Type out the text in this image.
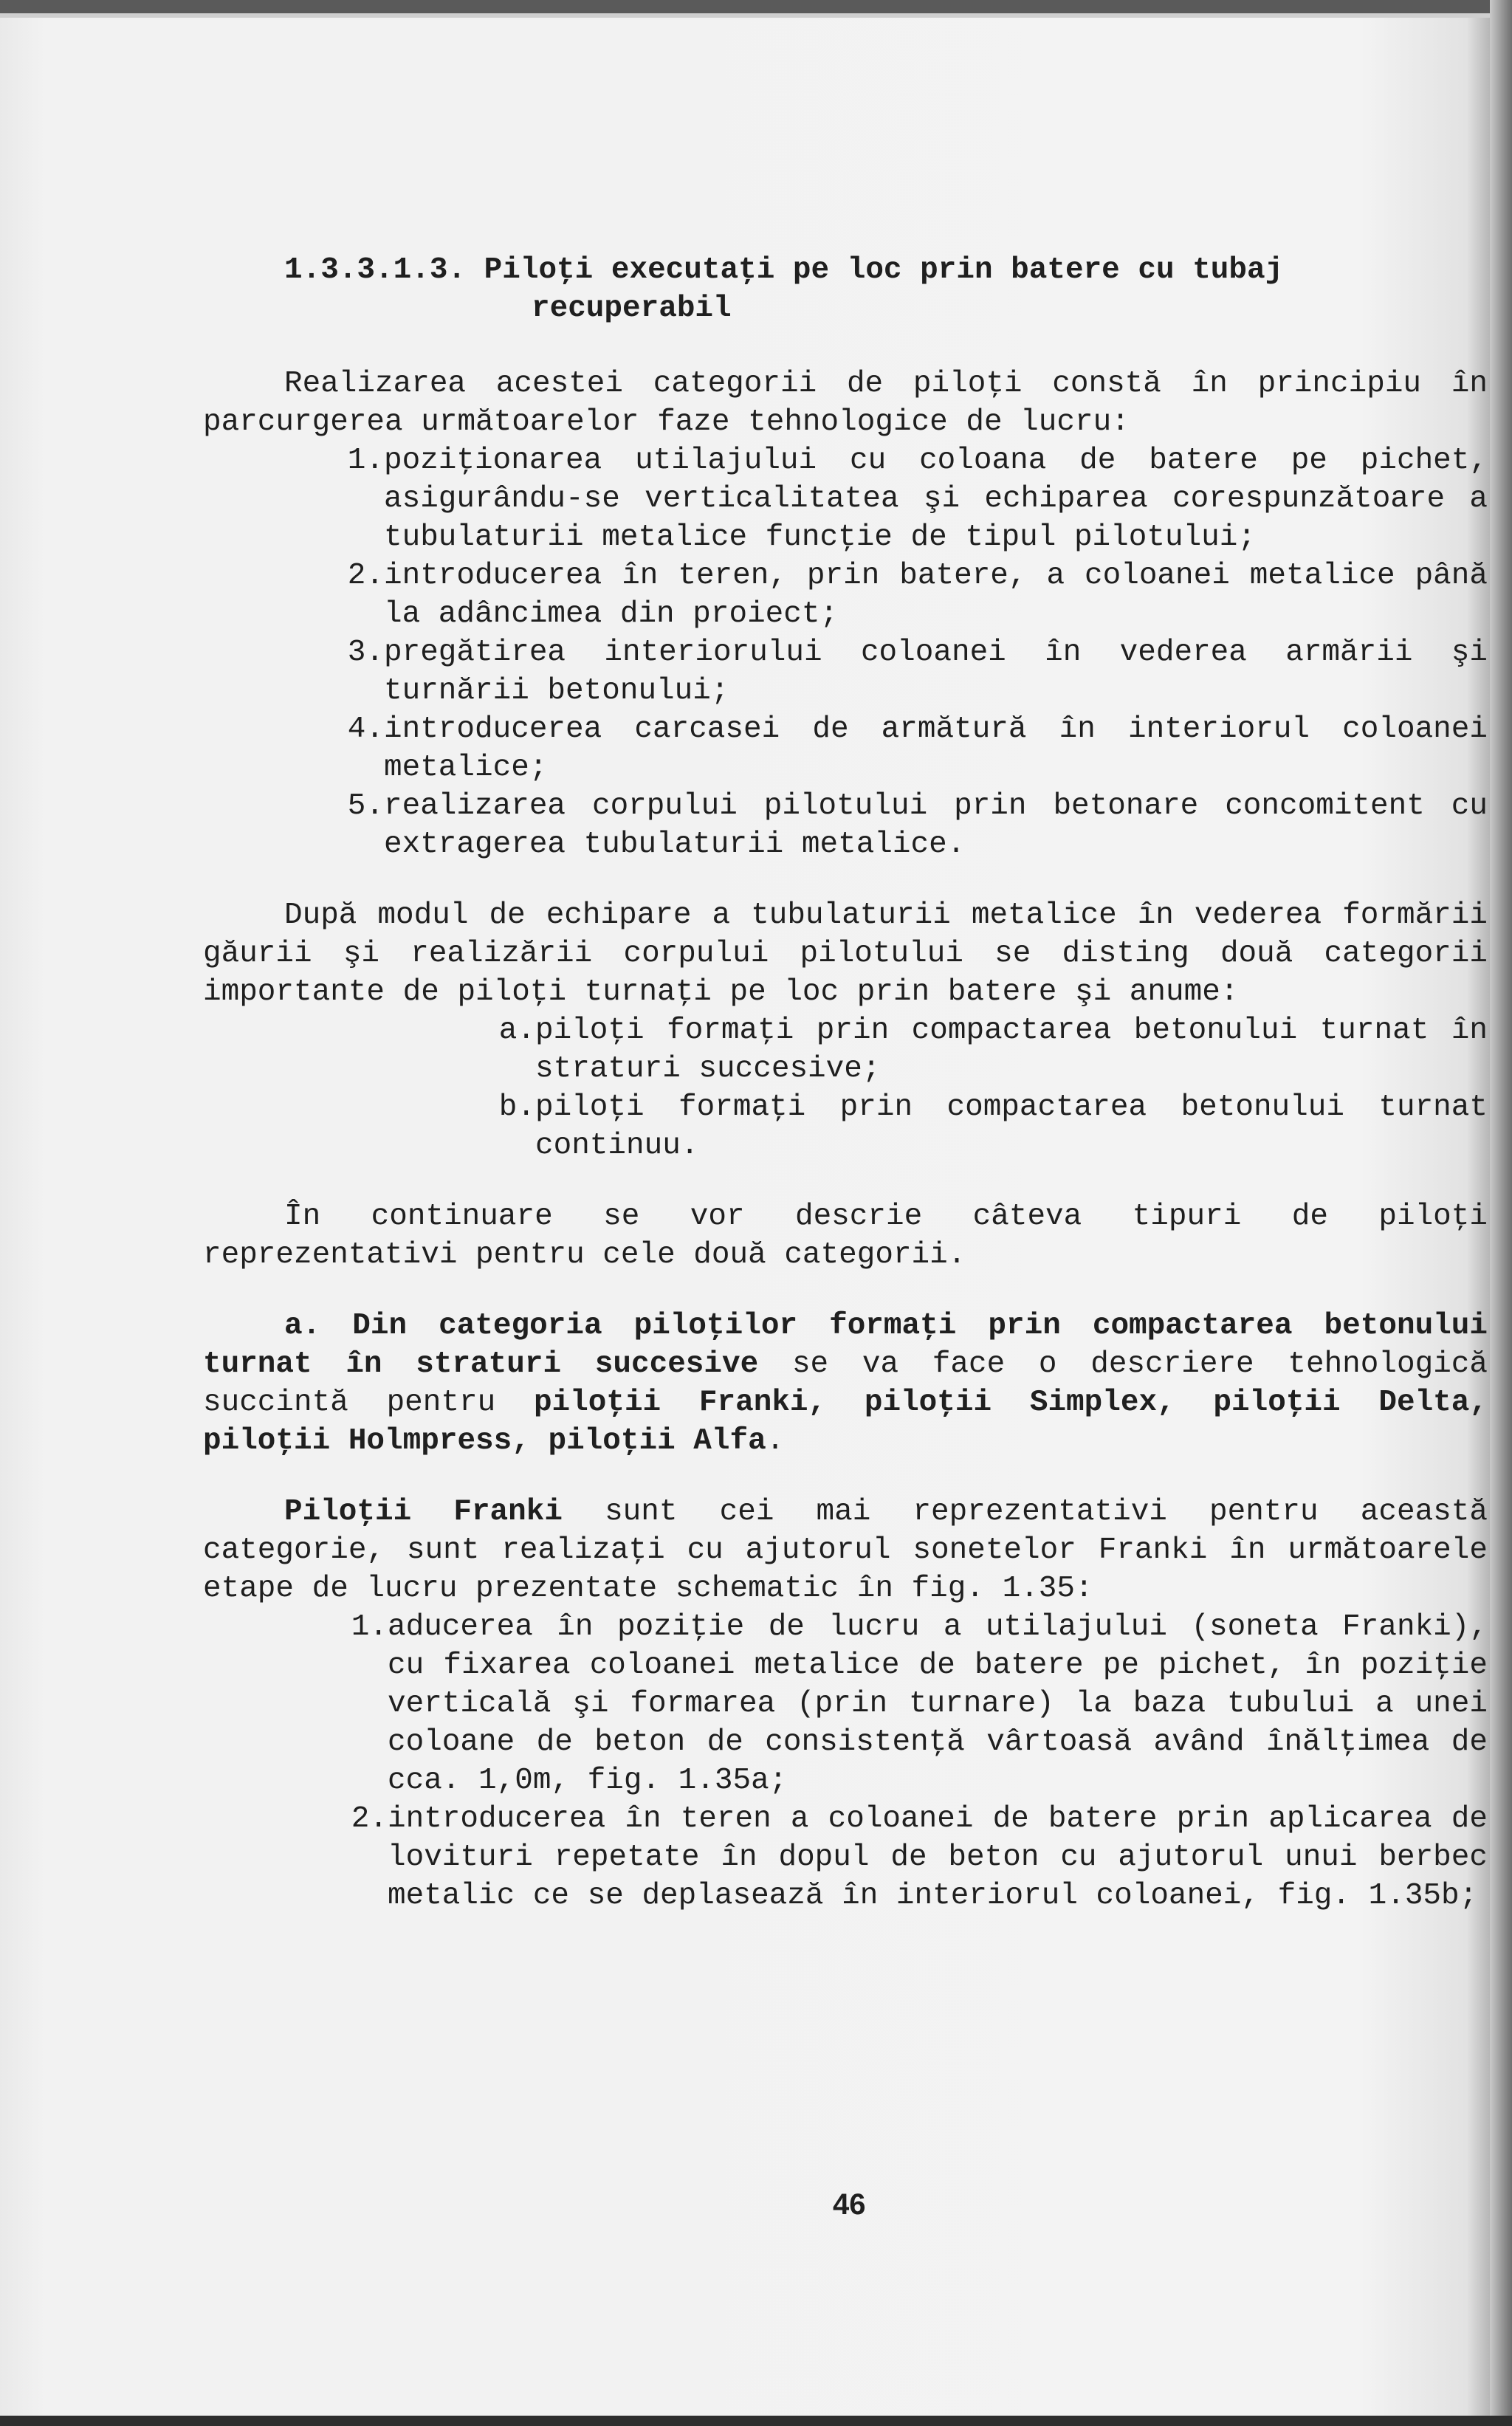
1.3.3.1.3. Piloţi executaţi pe loc prin batere cu tubaj
recuperabil

Realizarea acestei categorii de piloţi constă în principiu în parcurgerea următoarelor faze tehnologice de lucru:

1. poziţionarea utilajului cu coloana de batere pe pichet, asigurându-se verticalitatea şi echiparea corespunzătoare a tubulaturii metalice funcţie de tipul pilotului;
2. introducerea în teren, prin batere, a coloanei metalice până la adâncimea din proiect;
3. pregătirea interiorului coloanei în vederea armării şi turnării betonului;
4. introducerea carcasei de armătură în interiorul coloanei metalice;
5. realizarea corpului pilotului prin betonare concomitent cu extragerea tubulaturii metalice.

După modul de echipare a tubulaturii metalice în vederea formării găurii şi realizării corpului pilotului se disting două categorii importante de piloţi turnaţi pe loc prin batere şi anume:

a. piloţi formaţi prin compactarea betonului turnat în straturi succesive;
b. piloţi formaţi prin compactarea betonului turnat continuu.

În continuare se vor descrie câteva tipuri de piloţi reprezentativi pentru cele două categorii.

a. Din categoria piloţilor formaţi prin compactarea betonului turnat în straturi succesive se va face o descriere tehnologică succintă pentru piloţii Franki, piloţii Simplex, piloţii Delta, piloţii Holmpress, piloţii Alfa.

Piloţii Franki sunt cei mai reprezentativi pentru această categorie, sunt realizaţi cu ajutorul sonetelor Franki în următoarele etape de lucru prezentate schematic în fig. 1.35:

1. aducerea în poziţie de lucru a utilajului (soneta Franki), cu fixarea coloanei metalice de batere pe pichet, în poziţie verticală şi formarea (prin turnare) la baza tubului a unei coloane de beton de consistenţă vârtoasă având înălţimea de cca. 1,0m, fig. 1.35a;
2. introducerea în teren a coloanei de batere prin aplicarea de lovituri repetate în dopul de beton cu ajutorul unui berbec metalic ce se deplasează în interiorul coloanei, fig. 1.35b;
46
